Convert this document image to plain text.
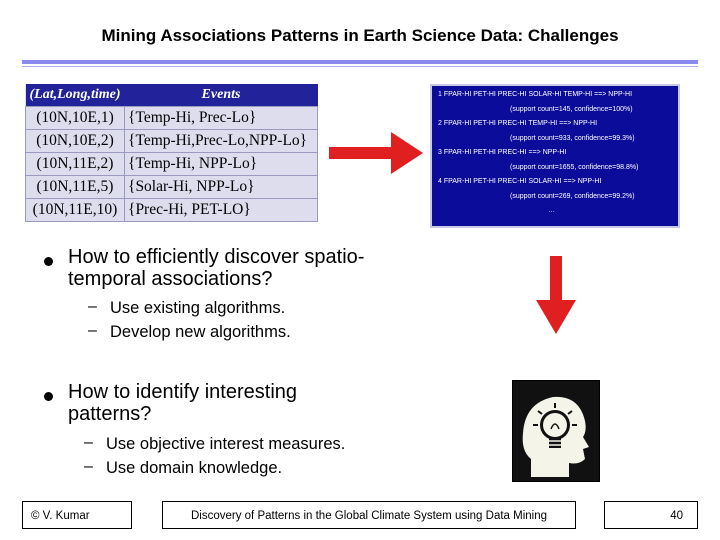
Mining Associations Patterns in Earth Science Data: Challenges
(Lat,Long,time)	Events
(10N,10E,1)	{Temp-Hi, Prec-Lo}
(10N,10E,2)	{Temp-Hi,Prec-Lo,NPP-Lo}
(10N,11E,2)	{Temp-Hi, NPP-Lo}
(10N,11E,5)	{Solar-Hi, NPP-Lo}
(10N,11E,10)	{Prec-Hi, PET-LO}
1 FPAR-HI PET-HI PREC-HI SOLAR-HI TEMP-HI ==> NPP-HI
(support count=145, confidence=100%)
2 FPAR-HI PET-HI PREC-HI TEMP-HI ==> NPP-HI
(support count=933, confidence=99.3%)
3 FPAR-HI PET-HI PREC-HI ==> NPP-HI
(support count=1655, confidence=98.8%)
4 FPAR-HI PET-HI PREC-HI SOLAR-HI ==> NPP-HI
(support count=269, confidence=99.2%)
…
How to efficiently discover spatio-temporal associations?
– Use existing algorithms.
– Develop new algorithms.
How to identify interesting patterns?
– Use objective interest measures.
– Use domain knowledge.
© V. Kumar	Discovery of Patterns in the Global Climate System using Data Mining	40
